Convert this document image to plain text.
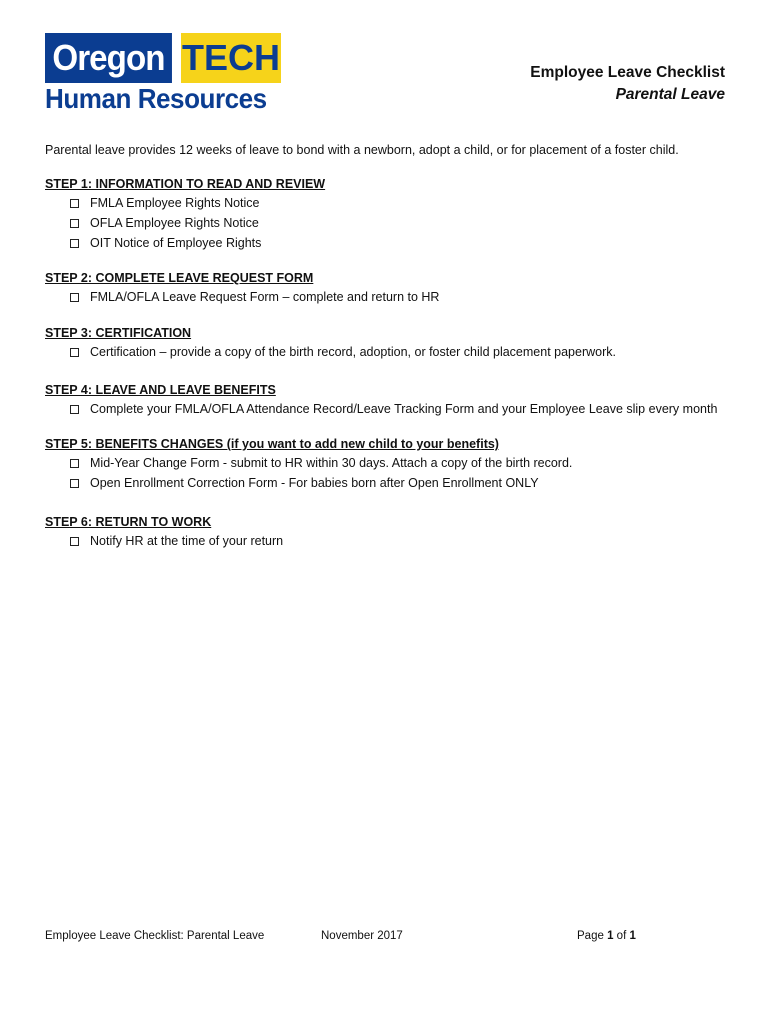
Oregon TECH
Human Resources
Employee Leave Checklist
Parental Leave
Parental leave provides 12 weeks of leave to bond with a newborn, adopt a child, or for placement of a foster child.
STEP 1: INFORMATION TO READ AND REVIEW
FMLA Employee Rights Notice
OFLA Employee Rights Notice
OIT Notice of Employee Rights
STEP 2: COMPLETE LEAVE REQUEST FORM
FMLA/OFLA Leave Request Form – complete and return to HR
STEP 3: CERTIFICATION
Certification – provide a copy of the birth record, adoption, or foster child placement paperwork.
STEP 4: LEAVE AND LEAVE BENEFITS
Complete your FMLA/OFLA Attendance Record/Leave Tracking Form and your Employee Leave slip every month
STEP 5: BENEFITS CHANGES (if you want to add new child to your benefits)
Mid-Year Change Form - submit to HR within 30 days. Attach a copy of the birth record.
Open Enrollment Correction Form - For babies born after Open Enrollment ONLY
STEP 6: RETURN TO WORK
Notify HR at the time of your return
Employee Leave Checklist: Parental Leave	November 2017	Page 1 of 1
